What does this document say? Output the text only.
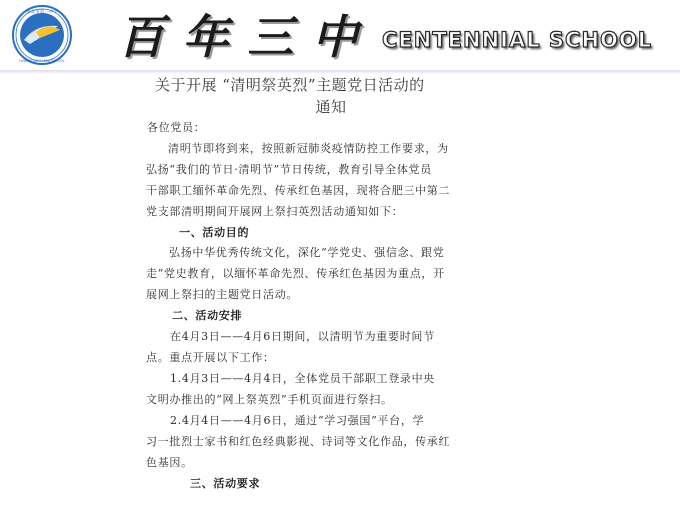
淮北市第三中学
HUAIBEI NO.3 HIGH SCHOOL 百 年 三 中 CENTENNIAL SCHOOL
关于开展 “清明祭英烈”主题党日活动的
通知
各位党员：
清明节即将到来，按照新冠肺炎疫情防控工作要求，为
弘扬“我们的节日·清明节”节日传统，教育引导全体党员
干部职工缅怀革命先烈、传承红色基因，现将合肥三中第二
党支部清明期间开展网上祭扫英烈活动通知如下：
一、活动目的
弘扬中华优秀传统文化，深化“学党史、强信念、跟党
走”党史教育，以缅怀革命先烈、传承红色基因为重点，开
展网上祭扫的主题党日活动。
二、活动安排
在4月3日——4月6日期间，以清明节为重要时间节
点。重点开展以下工作：
1.4月3日——4月4日，全体党员干部职工登录中央
文明办推出的“网上祭英烈”手机页面进行祭扫。
2.4月4日——4月6日，通过“学习强国”平台，学
习一批烈士家书和红色经典影视、诗词等文化作品，传承红
色基因。
三、活动要求
